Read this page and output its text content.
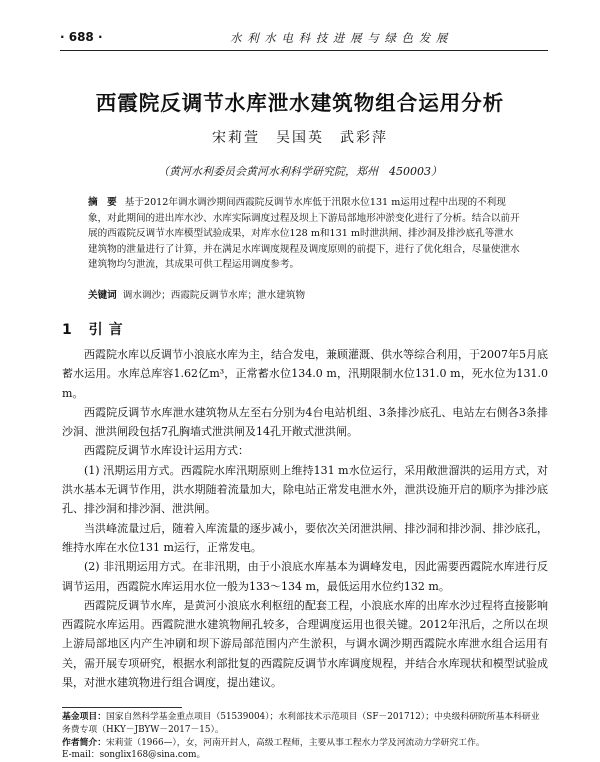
· 688 ·	水 利 水 电 科 技 进 展 与 绿 色 发 展
西霞院反调节水库泄水建筑物组合运用分析
宋莉萱　吴国英　武彩萍
（黄河水利委员会黄河水利科学研究院，郑州　450003）
摘　要 基于2012年调水调沙期间西霞院反调节水库低于汛限水位131 m运用过程中出现的不利现象，对此期间的进出库水沙、水库实际调度过程及坝上下游局部地形冲淤变化进行了分析。结合以前开展的西霞院反调节水库模型试验成果，对库水位128 m和131 m时泄洪闸、排沙洞及排沙底孔等泄水建筑物的泄量进行了计算，并在满足水库调度规程及调度原则的前提下，进行了优化组合，尽量使泄水建筑物均匀泄流，其成果可供工程运用调度参考。
关键词 调水调沙；西霞院反调节水库；泄水建筑物
1 引言

西霞院水库以反调节小浪底水库为主，结合发电，兼顾灌溉、供水等综合利用，于2007年5月底蓄水运用。水库总库容1.62亿m³，正常蓄水位134.0 m，汛期限制水位131.0 m，死水位为131.0 m。

西霞院反调节水库泄水建筑物从左至右分别为4台电站机组、3条排沙底孔、电站左右侧各3条排沙洞、泄洪闸段包括7孔胸墙式泄洪闸及14孔开敞式泄洪闸。

西霞院反调节水库设计运用方式：

(1) 汛期运用方式。西霞院水库汛期原则上维持131 m水位运行，采用敞泄溜洪的运用方式，对洪水基本无调节作用，洪水期随着流量加大，除电站正常发电泄水外，泄洪设施开启的顺序为排沙底孔、排沙洞和排沙洞、泄洪闸。

当洪峰流量过后，随着入库流量的逐步减小，要依次关闭泄洪闸、排沙洞和排沙洞、排沙底孔，维持水库在水位131 m运行，正常发电。

(2) 非汛期运用方式。在非汛期，由于小浪底水库基本为调峰发电，因此需要西霞院水库进行反调节运用，西霞院水库运用水位一般为133～134 m，最低运用水位约132 m。

西霞院反调节水库，是黄河小浪底水利枢纽的配套工程，小浪底水库的出库水沙过程将直接影响西霞院水库运用。西霞院泄水建筑物闸孔较多，合理调度运用也很关键。2012年汛后，之所以在坝上游局部地区内产生冲刷和坝下游局部范围内产生淤积，与调水调沙期西霞院水库泄水组合运用有关，需开展专项研究，根据水利部批复的西霞院反调节水库调度规程，并结合水库现状和模型试验成果，对泄水建筑物进行组合调度，提出建议。

基金项目：国家自然科学基金重点项目（51539004）；水利部技术示范项目（SF－201712）；中央级科研院所基本科研业务费专项（HKY－JBYW－2017－15）。
作者简介：宋莉萱（1966—），女，河南开封人，高级工程师，主要从事工程水力学及河流动力学研究工作。
E-mail：songlix168@sina.com。
